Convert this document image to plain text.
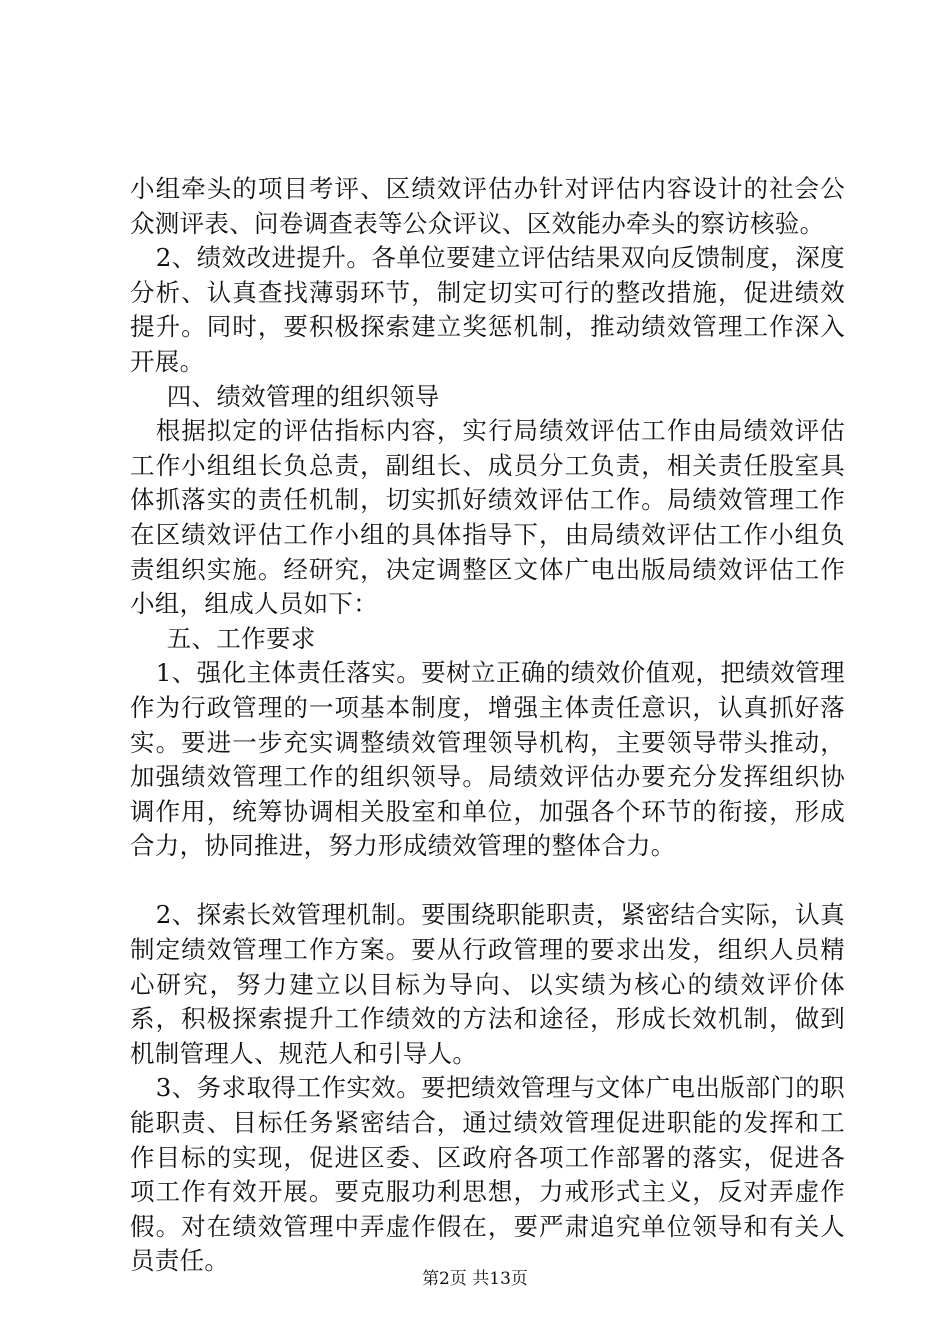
小组牵头的项目考评、区绩效评估办针对评估内容设计的社会公众测评表、问卷调查表等公众评议、区效能办牵头的察访核验。

2、绩效改进提升。各单位要建立评估结果双向反馈制度，深度分析、认真查找薄弱环节，制定切实可行的整改措施，促进绩效提升。同时，要积极探索建立奖惩机制，推动绩效管理工作深入开展。

四、绩效管理的组织领导

根据拟定的评估指标内容，实行局绩效评估工作由局绩效评估工作小组组长负总责，副组长、成员分工负责，相关责任股室具体抓落实的责任机制，切实抓好绩效评估工作。局绩效管理工作在区绩效评估工作小组的具体指导下，由局绩效评估工作小组负责组织实施。经研究，决定调整区文体广电出版局绩效评估工作小组，组成人员如下：

五、工作要求

1、强化主体责任落实。要树立正确的绩效价值观，把绩效管理作为行政管理的一项基本制度，增强主体责任意识，认真抓好落实。要进一步充实调整绩效管理领导机构，主要领导带头推动，加强绩效管理工作的组织领导。局绩效评估办要充分发挥组织协调作用，统筹协调相关股室和单位，加强各个环节的衔接，形成合力，协同推进，努力形成绩效管理的整体合力。

2、探索长效管理机制。要围绕职能职责，紧密结合实际，认真制定绩效管理工作方案。要从行政管理的要求出发，组织人员精心研究，努力建立以目标为导向、以实绩为核心的绩效评价体系，积极探索提升工作绩效的方法和途径，形成长效机制，做到机制管理人、规范人和引导人。

3、务求取得工作实效。要把绩效管理与文体广电出版部门的职能职责、目标任务紧密结合，通过绩效管理促进职能的发挥和工作目标的实现，促进区委、区政府各项工作部署的落实，促进各项工作有效开展。要克服功利思想，力戒形式主义，反对弄虚作假。对在绩效管理中弄虚作假在，要严肃追究单位领导和有关人员责任。

第2页 共13页
